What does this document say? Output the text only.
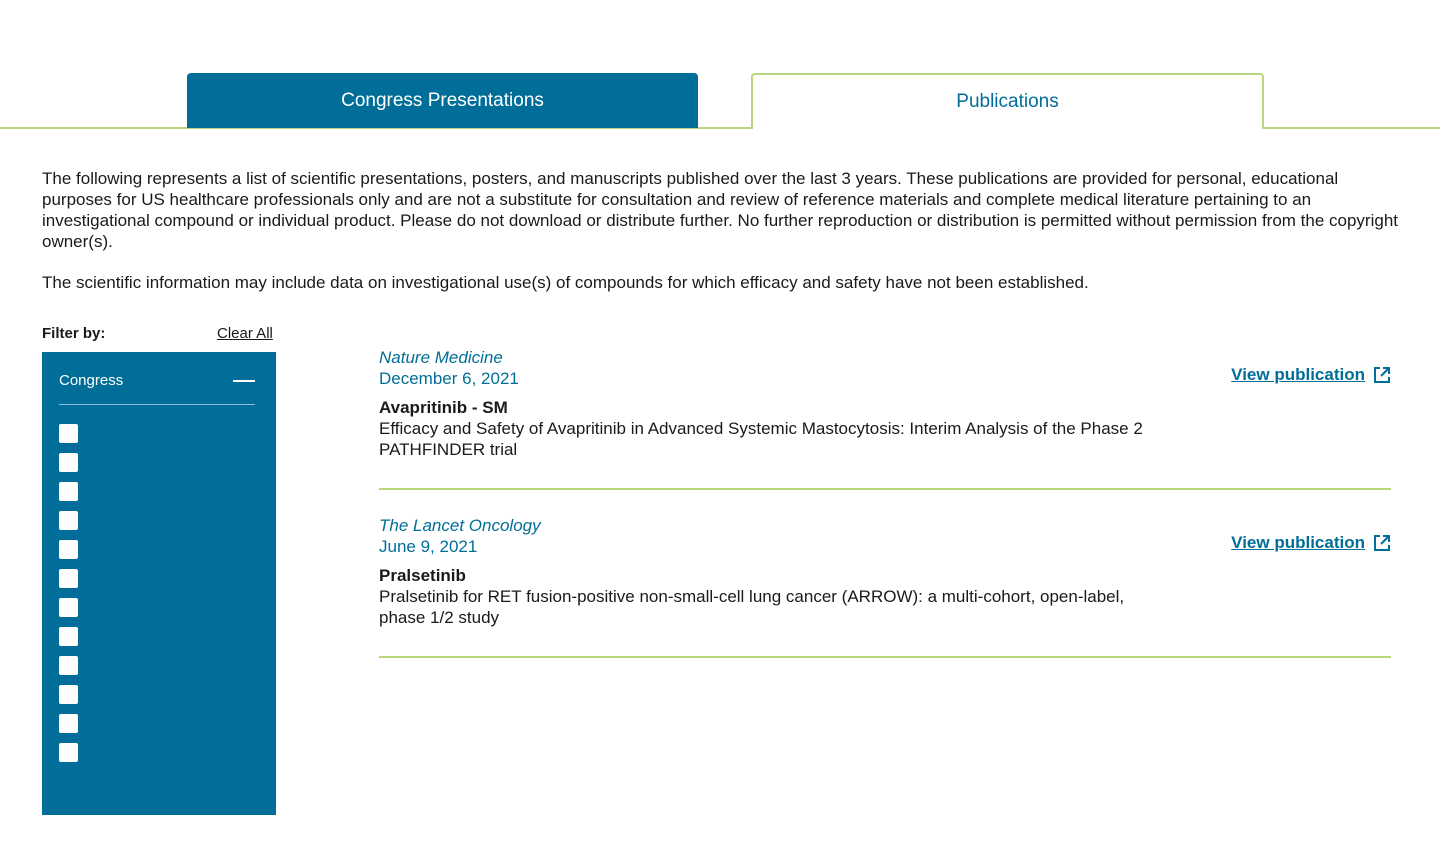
Congress Presentations	Publications

The following represents a list of scientific presentations, posters, and manuscripts published over the last 3 years. These publications are provided for personal, educational purposes for US healthcare professionals only and are not a substitute for consultation and review of reference materials and complete medical literature pertaining to an investigational compound or individual product. Please do not download or distribute further. No further reproduction or distribution is permitted without permission from the copyright owner(s).

The scientific information may include data on investigational use(s) of compounds for which efficacy and safety have not been established.

Filter by:	Clear All
Congress
Nature Medicine
December 6, 2021
Avapritinib - SM
Efficacy and Safety of Avapritinib in Advanced Systemic Mastocytosis: Interim Analysis of the Phase 2 PATHFINDER trial
View publication
The Lancet Oncology
June 9, 2021
Pralsetinib
Pralsetinib for RET fusion-positive non-small-cell lung cancer (ARROW): a multi-cohort, open-label, phase 1/2 study
View publication
